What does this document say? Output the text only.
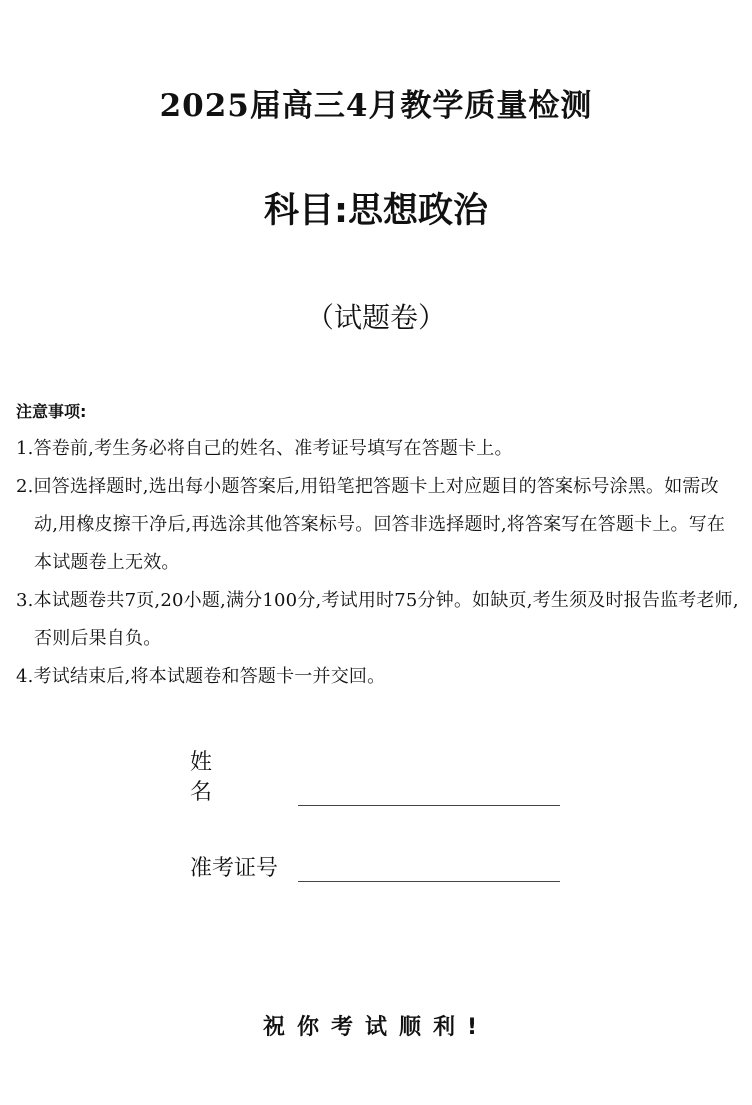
2025届高三4月教学质量检测
科目:思想政治
（试题卷）
注意事项:
1.答卷前,考生务必将自己的姓名、准考证号填写在答题卡上。
2.回答选择题时,选出每小题答案后,用铅笔把答题卡上对应题目的答案标号涂黑。如需改动,用橡皮擦干净后,再选涂其他答案标号。回答非选择题时,将答案写在答题卡上。写在本试题卷上无效。
3.本试题卷共7页,20小题,满分100分,考试用时75分钟。如缺页,考生须及时报告监考老师,否则后果自负。
4.考试结束后,将本试题卷和答题卡一并交回。
姓名
准考证号
祝你考试顺利!
